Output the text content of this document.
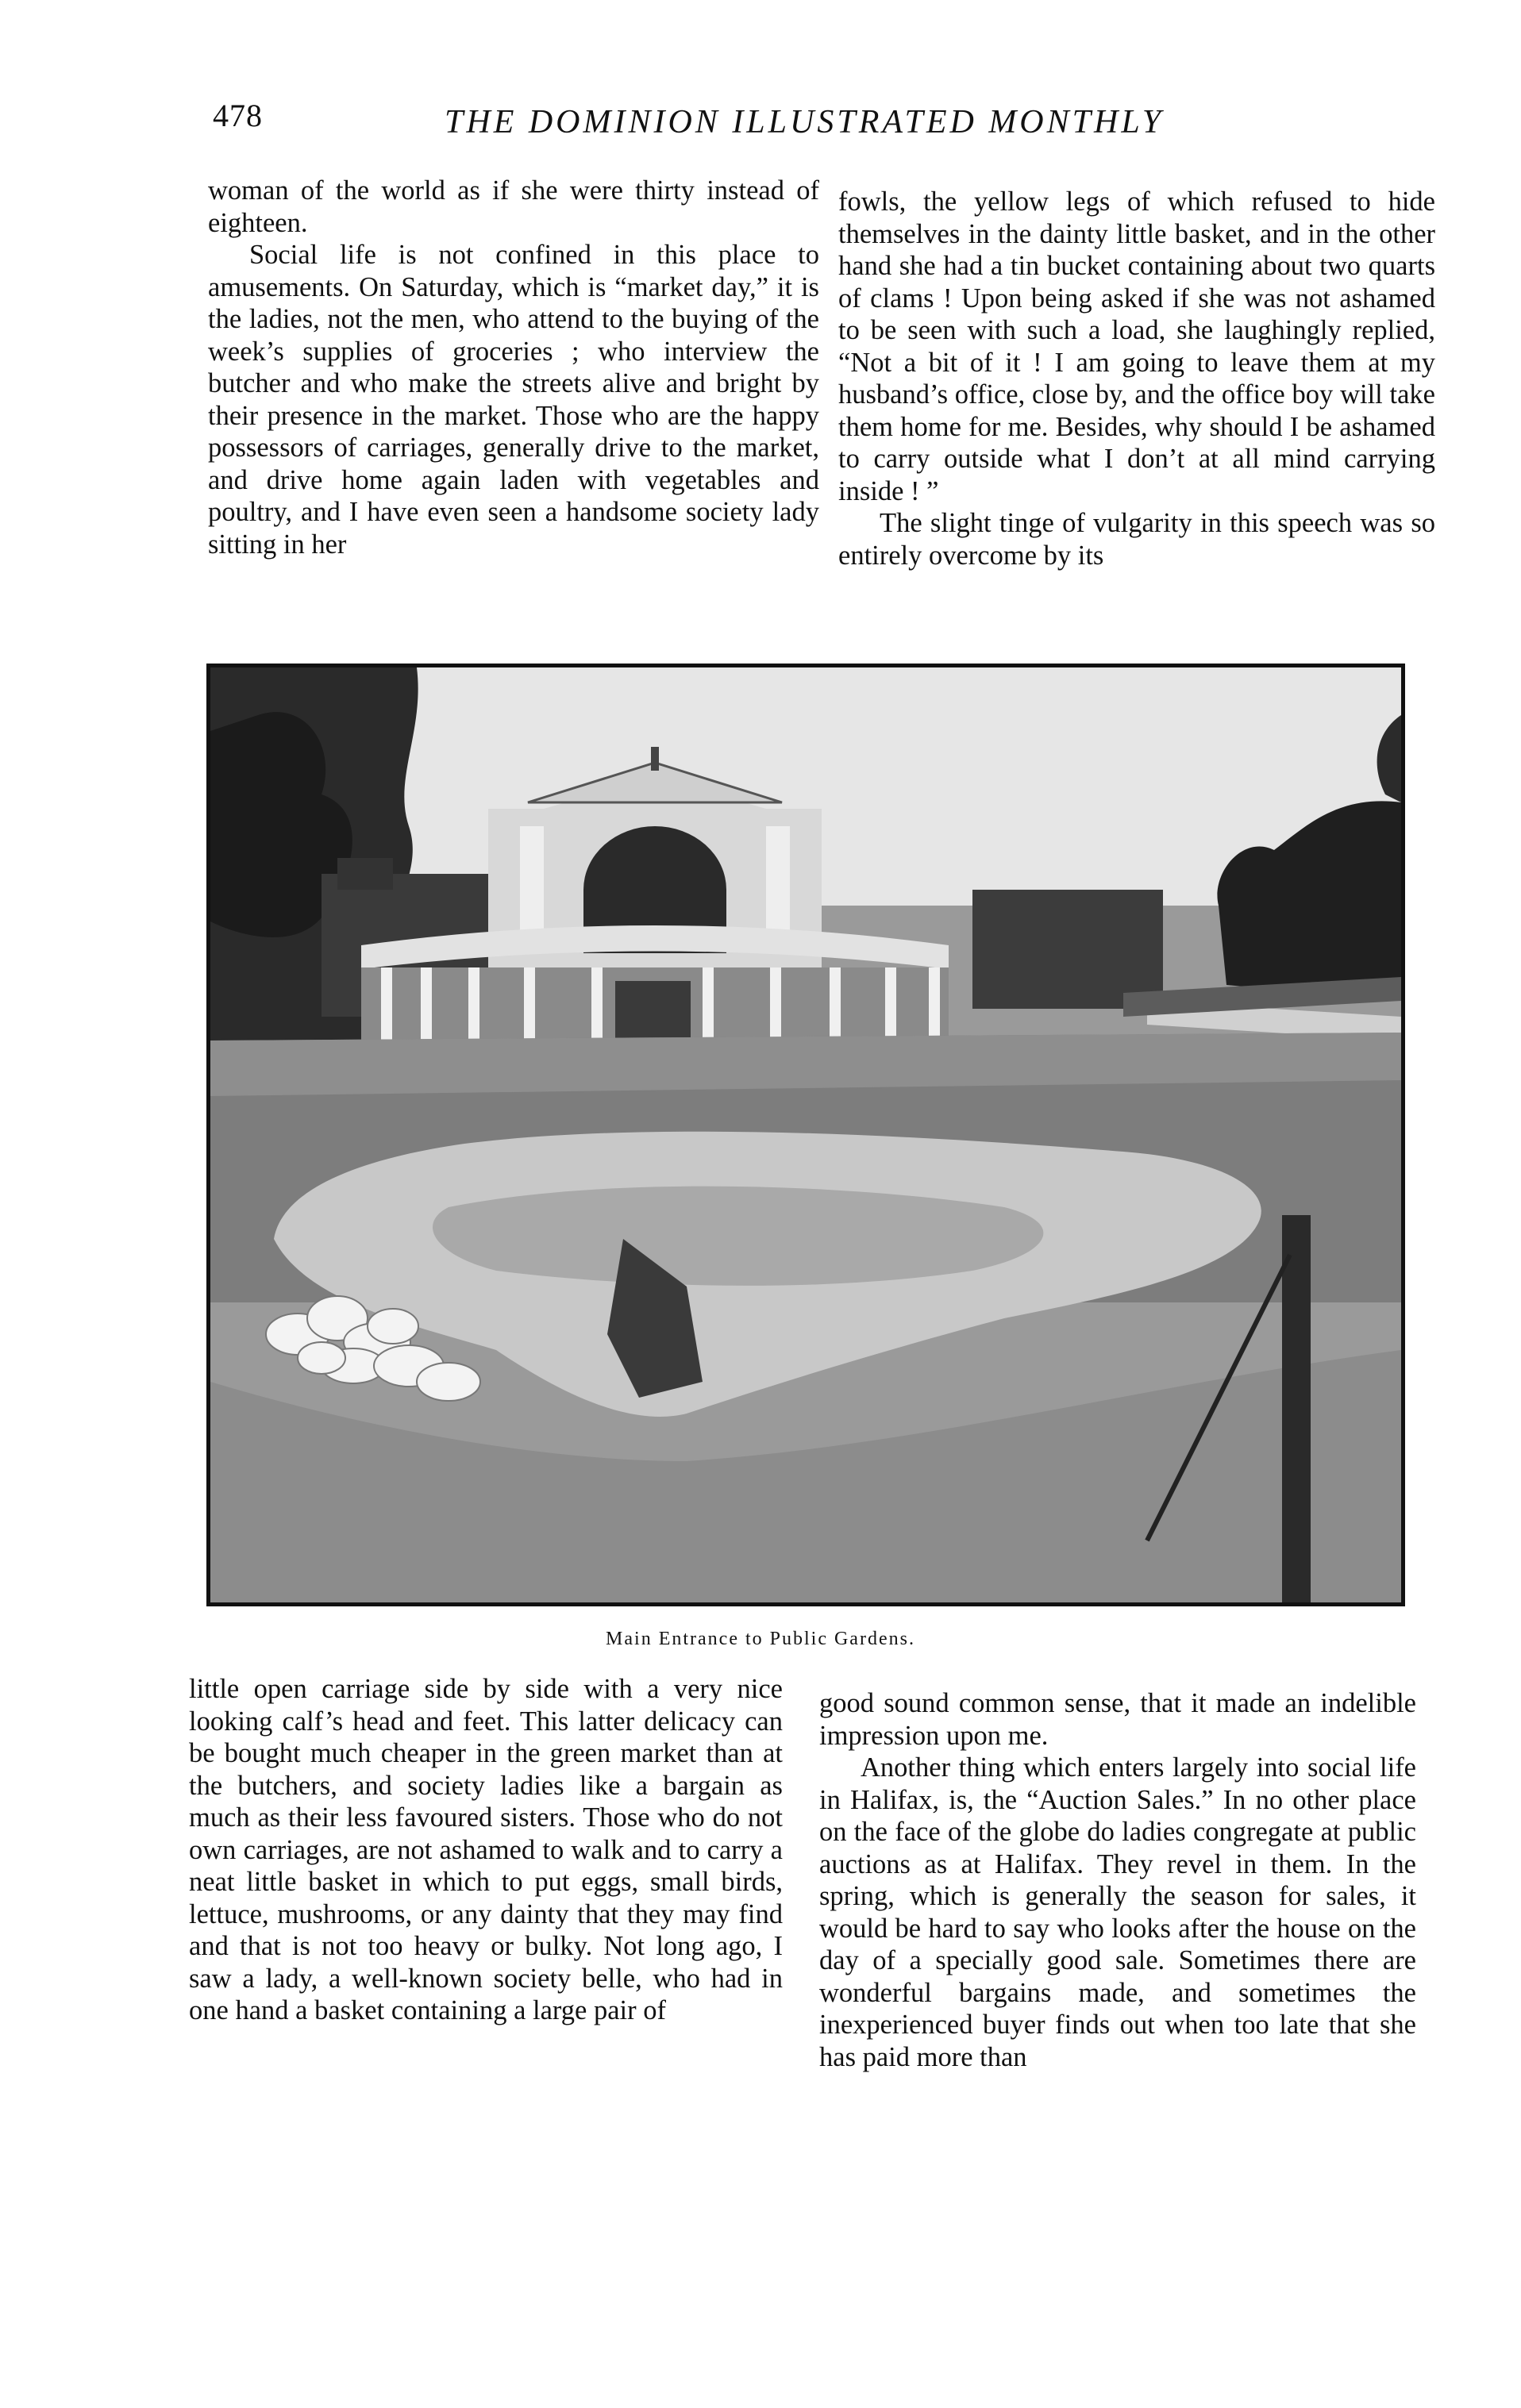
478	THE DOMINION ILLUSTRATED MONTHLY

woman of the world as if she were thirty instead of eighteen.

Social life is not confined in this place to amusements. On Saturday, which is “market day,” it is the ladies, not the men, who attend to the buying of the week’s supplies of groceries ; who interview the butcher and who make the streets alive and bright by their presence in the market. Those who are the happy possessors of carriages, generally drive to the market, and drive home again laden with vegetables and poultry, and I have even seen a handsome society lady sitting in her

fowls, the yellow legs of which refused to hide themselves in the dainty little basket, and in the other hand she had a tin bucket containing about two quarts of clams ! Upon being asked if she was not ashamed to be seen with such a load, she laughingly replied, “Not a bit of it ! I am going to leave them at my husband’s office, close by, and the office boy will take them home for me. Besides, why should I be ashamed to carry outside what I don’t at all mind carrying inside ! ”

The slight tinge of vulgarity in this speech was so entirely overcome by its

Main Entrance to Public Gardens.

little open carriage side by side with a very nice looking calf’s head and feet. This latter delicacy can be bought much cheaper in the green market than at the butchers, and society ladies like a bargain as much as their less favoured sisters. Those who do not own carriages, are not ashamed to walk and to carry a neat little basket in which to put eggs, small birds, lettuce, mushrooms, or any dainty that they may find and that is not too heavy or bulky. Not long ago, I saw a lady, a well-known society belle, who had in one hand a basket containing a large pair of

good sound common sense, that it made an indelible impression upon me.

Another thing which enters largely into social life in Halifax, is, the “Auction Sales.” In no other place on the face of the globe do ladies congregate at public auctions as at Halifax. They revel in them. In the spring, which is generally the season for sales, it would be hard to say who looks after the house on the day of a specially good sale. Sometimes there are wonderful bargains made, and sometimes the inexperienced buyer finds out when too late that she has paid more than
